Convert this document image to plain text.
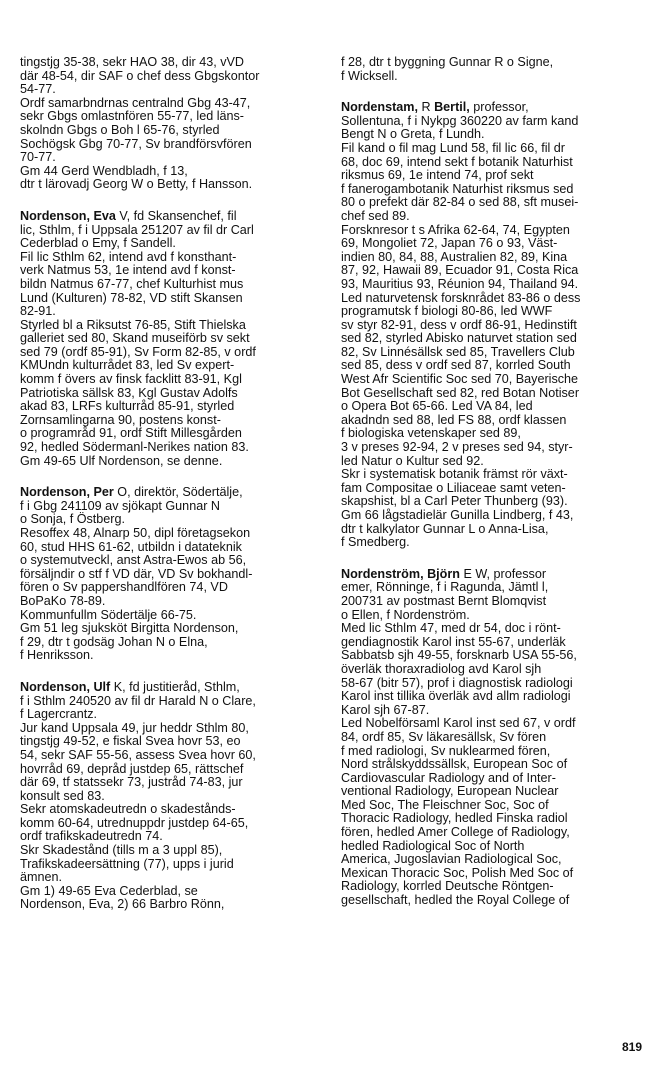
tingstjg 35-38, sekr HAO 38, dir 43, vVD
där 48-54, dir SAF o chef dess Gbgskontor
54-77.
Ordf samarbndrnas centralnd Gbg 43-47,
sekr Gbgs omlastnfören 55-77, led läns-
skolndn Gbgs o Boh l 65-76, styrled
Sochögsk Gbg 70-77, Sv brandförsvfören
70-77.
Gm 44 Gerd Wendbladh, f 13,
dtr t lärovadj Georg W o Betty, f Hansson.
Nordenson, Eva V, fd Skansenchef, fil
lic, Sthlm, f i Uppsala 251207 av fil dr Carl
Cederblad o Emy, f Sandell.
Fil lic Sthlm 62, intend avd f konsthant-
verk Natmus 53, 1e intend avd f konst-
bildn Natmus 67-77, chef Kulturhist mus
Lund (Kulturen) 78-82, VD stift Skansen
82-91.
Styrled bl a Riksutst 76-85, Stift Thielska
galleriet sed 80, Skand museiförb sv sekt
sed 79 (ordf 85-91), Sv Form 82-85, v ordf
KMUndn kulturrådet 83, led Sv expert-
komm f övers av finsk facklitt 83-91, Kgl
Patriotiska sällsk 83, Kgl Gustav Adolfs
akad 83, LRFs kulturråd 85-91, styrled
Zornsamlingarna 90, postens konst-
o programråd 91, ordf Stift Millesgården
92, hedled Södermanl-Nerikes nation 83.
Gm 49-65 Ulf Nordenson, se denne.
Nordenson, Per O, direktör, Södertälje,
f i Gbg 241109 av sjökapt Gunnar N
o Sonja, f Östberg.
Resoffex 48, Alnarp 50, dipl företagsekon
60, stud HHS 61-62, utbildn i datateknik
o systemutveckl, anst Astra-Ewos ab 56,
försäljndir o stf f VD där, VD Sv bokhandl-
fören o Sv pappershandlfören 74, VD
BoPaKo 78-89.
Kommunfullm Södertälje 66-75.
Gm 51 leg sjuksköt Birgitta Nordenson,
f 29, dtr t godsäg Johan N o Elna,
f Henriksson.
Nordenson, Ulf K, fd justitieråd, Sthlm,
f i Sthlm 240520 av fil dr Harald N o Clare,
f Lagercrantz.
Jur kand Uppsala 49, jur heddr Sthlm 80,
tingstjg 49-52, e fiskal Svea hovr 53, eo
54, sekr SAF 55-56, assess Svea hovr 60,
hovrråd 69, depråd justdep 65, rättschef
där 69, tf statssekr 73, justråd 74-83, jur
konsult sed 83.
Sekr atomskadeutredn o skadestånds-
komm 60-64, utrednuppdr justdep 64-65,
ordf trafikskadeutredn 74.
Skr Skadestånd (tills m a 3 uppl 85),
Trafikskadeersättning (77), upps i jurid
ämnen.
Gm 1) 49-65 Eva Cederblad, se
Nordenson, Eva, 2) 66 Barbro Rönn,
f 28, dtr t byggning Gunnar R o Signe,
f Wicksell.
Nordenstam, R Bertil, professor,
Sollentuna, f i Nykpg 360220 av farm kand
Bengt N o Greta, f Lundh.
Fil kand o fil mag Lund 58, fil lic 66, fil dr
68, doc 69, intend sekt f botanik Naturhist
riksmus 69, 1e intend 74, prof sekt
f fanerogambotanik Naturhist riksmus sed
80 o prefekt där 82-84 o sed 88, sft musei-
chef sed 89.
Forsknresor t s Afrika 62-64, 74, Egypten
69, Mongoliet 72, Japan 76 o 93, Väst-
indien 80, 84, 88, Australien 82, 89, Kina
87, 92, Hawaii 89, Ecuador 91, Costa Rica
93, Mauritius 93, Réunion 94, Thailand 94.
Led naturvetensk forsknrådet 83-86 o dess
programutsk f biologi 80-86, led WWF
sv styr 82-91, dess v ordf 86-91, Hedinstift
sed 82, styrled Abisko naturvet station sed
82, Sv Linnésällsk sed 85, Travellers Club
sed 85, dess v ordf sed 87, korrled South
West Afr Scientific Soc sed 70, Bayerische
Bot Gesellschaft sed 82, red Botan Notiser
o Opera Bot 65-66. Led VA 84, led
akadndn sed 88, led FS 88, ordf klassen
f biologiska vetenskaper sed 89,
3 v preses 92-94, 2 v preses sed 94, styr-
led Natur o Kultur sed 92.
Skr i systematisk botanik främst rör växt-
fam Compositae o Liliaceae samt veten-
skapshist, bl a Carl Peter Thunberg (93).
Gm 66 lågstadielär Gunilla Lindberg, f 43,
dtr t kalkylator Gunnar L o Anna-Lisa,
f Smedberg.
Nordenström, Björn E W, professor
emer, Rönninge, f i Ragunda, Jämtl l,
200731 av postmast Bernt Blomqvist
o Ellen, f Nordenström.
Med lic Sthlm 47, med dr 54, doc i rönt-
gendiagnostik Karol inst 55-67, underläk
Sabbatsb sjh 49-55, forsknarb USA 55-56,
överläk thoraxradiolog avd Karol sjh
58-67 (bitr 57), prof i diagnostisk radiologi
Karol inst tillika överläk avd allm radiologi
Karol sjh 67-87.
Led Nobelförsaml Karol inst sed 67, v ordf
84, ordf 85, Sv läkaresällsk, Sv fören
f med radiologi, Sv nuklearmed fören,
Nord strålskyddssällsk, European Soc of
Cardiovascular Radiology and of Inter-
ventional Radiology, European Nuclear
Med Soc, The Fleischner Soc, Soc of
Thoracic Radiology, hedled Finska radiol
fören, hedled Amer College of Radiology,
hedled Radiological Soc of North
America, Jugoslavian Radiological Soc,
Mexican Thoracic Soc, Polish Med Soc of
Radiology, korrled Deutsche Röntgen-
gesellschaft, hedled the Royal College of
819
